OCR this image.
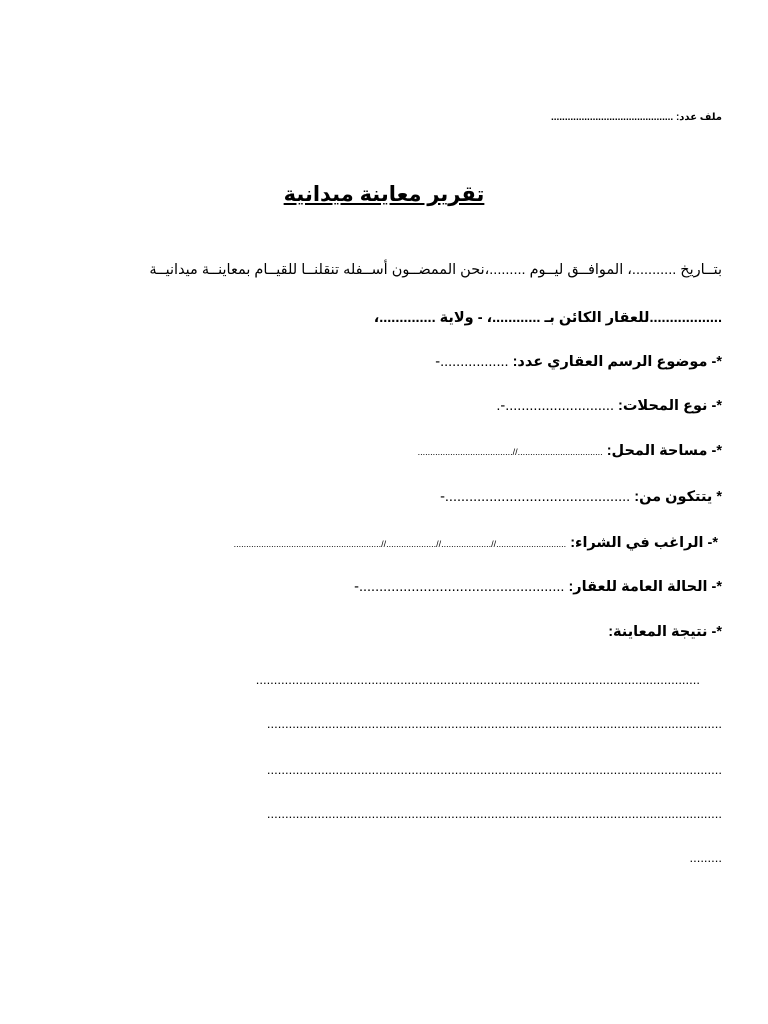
ملف عدد: ............................................
تقرير معاينة ميدانية
بتــاريخ ...........، الموافــق ليــوم .........،نحن الممضــون أســفله تنقلنــا للقيــام بمعاينــة ميدانيــة
..................للعقار الكائن بـ ............، - ولاية ..............،
*- موضوع الرسم العقاري عدد: .................-
*- نوع المحلات: ...........................-.
*- مساحة المحل: ..................................//......................................
* يتتكون من: ..............................................-
*- الراغب في الشراء: ............................//....................//....................//...........................................................
*- الحالة العامة للعقار: ...................................................-
*- نتيجة المعاينة:
...........................................................................................................................
..............................................................................................................................
..............................................................................................................................
..............................................................................................................................
.........
